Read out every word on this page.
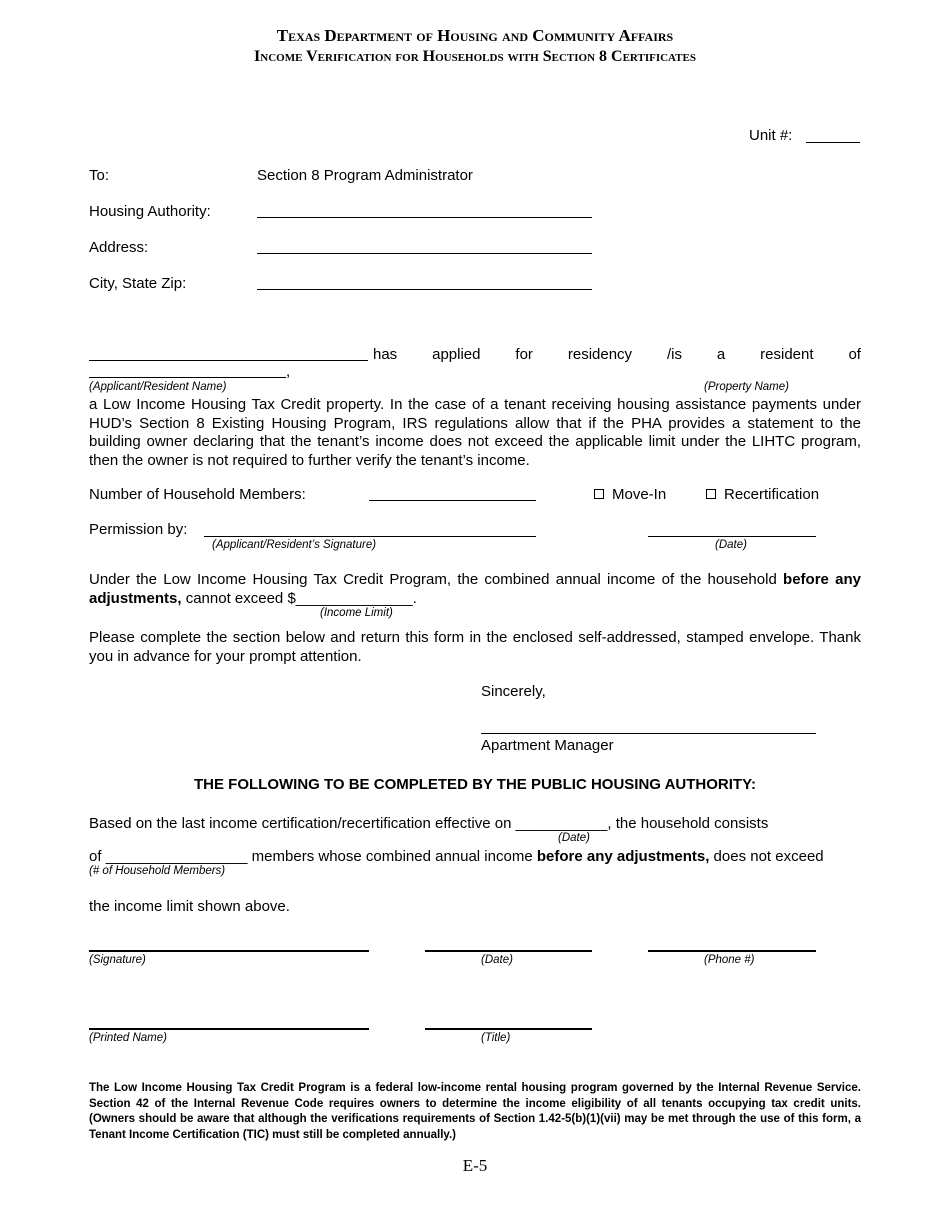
Texas Department of Housing and Community Affairs
Income Verification for Households with Section 8 Certificates
Unit #:
To:	Section 8 Program Administrator
Housing Authority:
Address:
City, State Zip:
has applied for residency /is a resident of
,
(Applicant/Resident Name)	(Property Name)
a Low Income Housing Tax Credit property. In the case of a tenant receiving housing assistance payments under HUD’s Section 8 Existing Housing Program, IRS regulations allow that if the PHA provides a statement to the building owner declaring that the tenant’s income does not exceed the applicable limit under the LIHTC program, then the owner is not required to further verify the tenant’s income.
Number of Household Members:	Move-In	Recertification
Permission by:
(Applicant/Resident’s Signature)	(Date)
Under the Low Income Housing Tax Credit Program, the combined annual income of the household before any adjustments, cannot exceed $______________.
(Income Limit)
Please complete the section below and return this form in the enclosed self-addressed, stamped envelope. Thank you in advance for your prompt attention.
Sincerely,
Apartment Manager
THE FOLLOWING TO BE COMPLETED BY THE PUBLIC HOUSING AUTHORITY:
Based on the last income certification/recertification effective on ___________, the household consists
(Date)
of _________________ members whose combined annual income before any adjustments, does not exceed
(# of Household Members)
the income limit shown above.
(Signature)	(Date)	(Phone #)
(Printed Name)	(Title)
The Low Income Housing Tax Credit Program is a federal low-income rental housing program governed by the Internal Revenue Service. Section 42 of the Internal Revenue Code requires owners to determine the income eligibility of all tenants occupying tax credit units. (Owners should be aware that although the verifications requirements of Section 1.42-5(b)(1)(vii) may be met through the use of this form, a Tenant Income Certification (TIC) must still be completed annually.)
E-5
